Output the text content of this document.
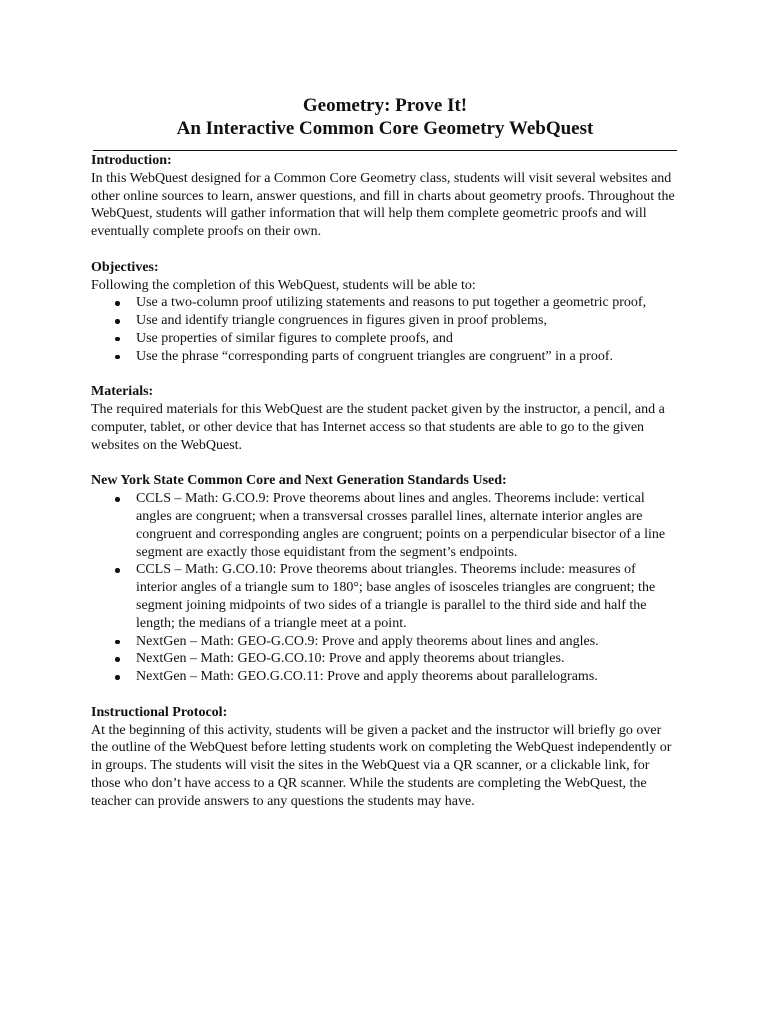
Geometry: Prove It!
An Interactive Common Core Geometry WebQuest
Introduction:

In this WebQuest designed for a Common Core Geometry class, students will visit several websites and other online sources to learn, answer questions, and fill in charts about geometry proofs. Throughout the WebQuest, students will gather information that will help them complete geometric proofs and will eventually complete proofs on their own.

Objectives:

Following the completion of this WebQuest, students will be able to:

Use a two-column proof utilizing statements and reasons to put together a geometric proof,
Use and identify triangle congruences in figures given in proof problems,
Use properties of similar figures to complete proofs, and
Use the phrase “corresponding parts of congruent triangles are congruent” in a proof.
Materials:

The required materials for this WebQuest are the student packet given by the instructor, a pencil, and a computer, tablet, or other device that has Internet access so that students are able to go to the given websites on the WebQuest.

New York State Common Core and Next Generation Standards Used:
CCLS – Math: G.CO.9: Prove theorems about lines and angles. Theorems include: vertical angles are congruent; when a transversal crosses parallel lines, alternate interior angles are congruent and corresponding angles are congruent; points on a perpendicular bisector of a line segment are exactly those equidistant from the segment’s endpoints.
CCLS – Math: G.CO.10: Prove theorems about triangles. Theorems include: measures of interior angles of a triangle sum to 180°; base angles of isosceles triangles are congruent; the segment joining midpoints of two sides of a triangle is parallel to the third side and half the length; the medians of a triangle meet at a point.
NextGen – Math: GEO-G.CO.9: Prove and apply theorems about lines and angles.
NextGen – Math: GEO-G.CO.10: Prove and apply theorems about triangles.
NextGen – Math: GEO.G.CO.11: Prove and apply theorems about parallelograms.
Instructional Protocol:

At the beginning of this activity, students will be given a packet and the instructor will briefly go over the outline of the WebQuest before letting students work on completing the WebQuest independently or in groups. The students will visit the sites in the WebQuest via a QR scanner, or a clickable link, for those who don’t have access to a QR scanner. While the students are completing the WebQuest, the teacher can provide answers to any questions the students may have.
